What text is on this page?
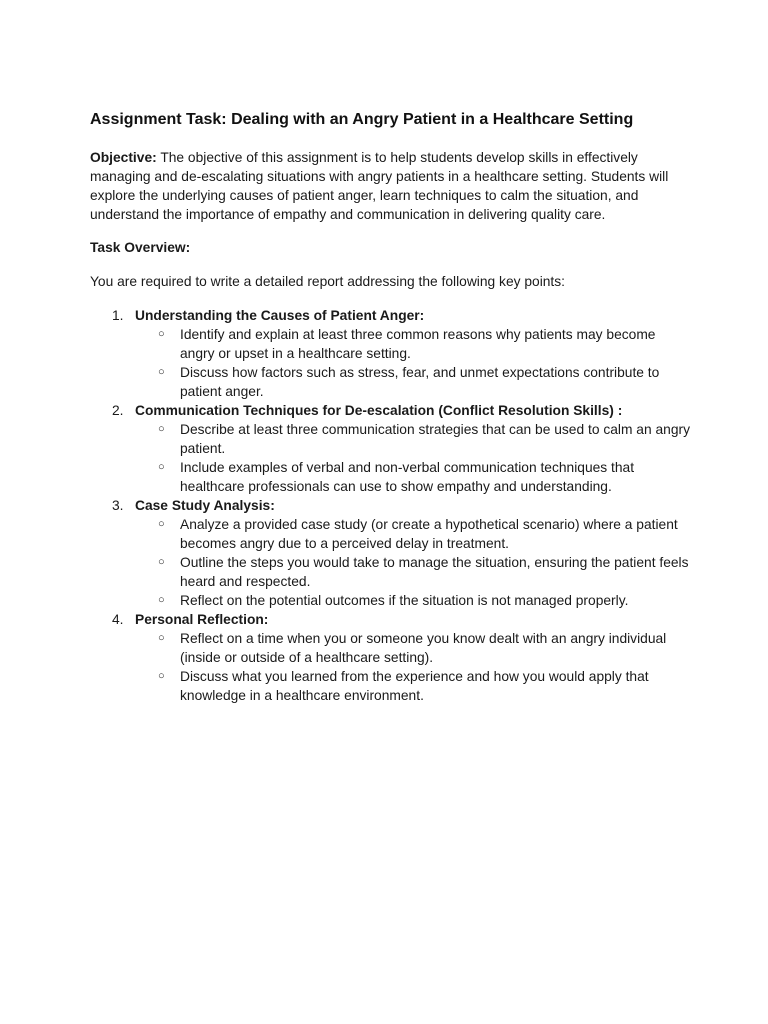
Assignment Task: Dealing with an Angry Patient in a Healthcare Setting

Objective: The objective of this assignment is to help students develop skills in effectively managing and de-escalating situations with angry patients in a healthcare setting. Students will explore the underlying causes of patient anger, learn techniques to calm the situation, and understand the importance of empathy and communication in delivering quality care.

Task Overview:

You are required to write a detailed report addressing the following key points:

1. Understanding the Causes of Patient Anger:
○ Identify and explain at least three common reasons why patients may become angry or upset in a healthcare setting.
○ Discuss how factors such as stress, fear, and unmet expectations contribute to patient anger.
2. Communication Techniques for De-escalation (Conflict Resolution Skills) :
○ Describe at least three communication strategies that can be used to calm an angry patient.
○ Include examples of verbal and non-verbal communication techniques that healthcare professionals can use to show empathy and understanding.
3. Case Study Analysis:
○ Analyze a provided case study (or create a hypothetical scenario) where a patient becomes angry due to a perceived delay in treatment.
○ Outline the steps you would take to manage the situation, ensuring the patient feels heard and respected.
○ Reflect on the potential outcomes if the situation is not managed properly.
4. Personal Reflection:
○ Reflect on a time when you or someone you know dealt with an angry individual (inside or outside of a healthcare setting).
○ Discuss what you learned from the experience and how you would apply that knowledge in a healthcare environment.
